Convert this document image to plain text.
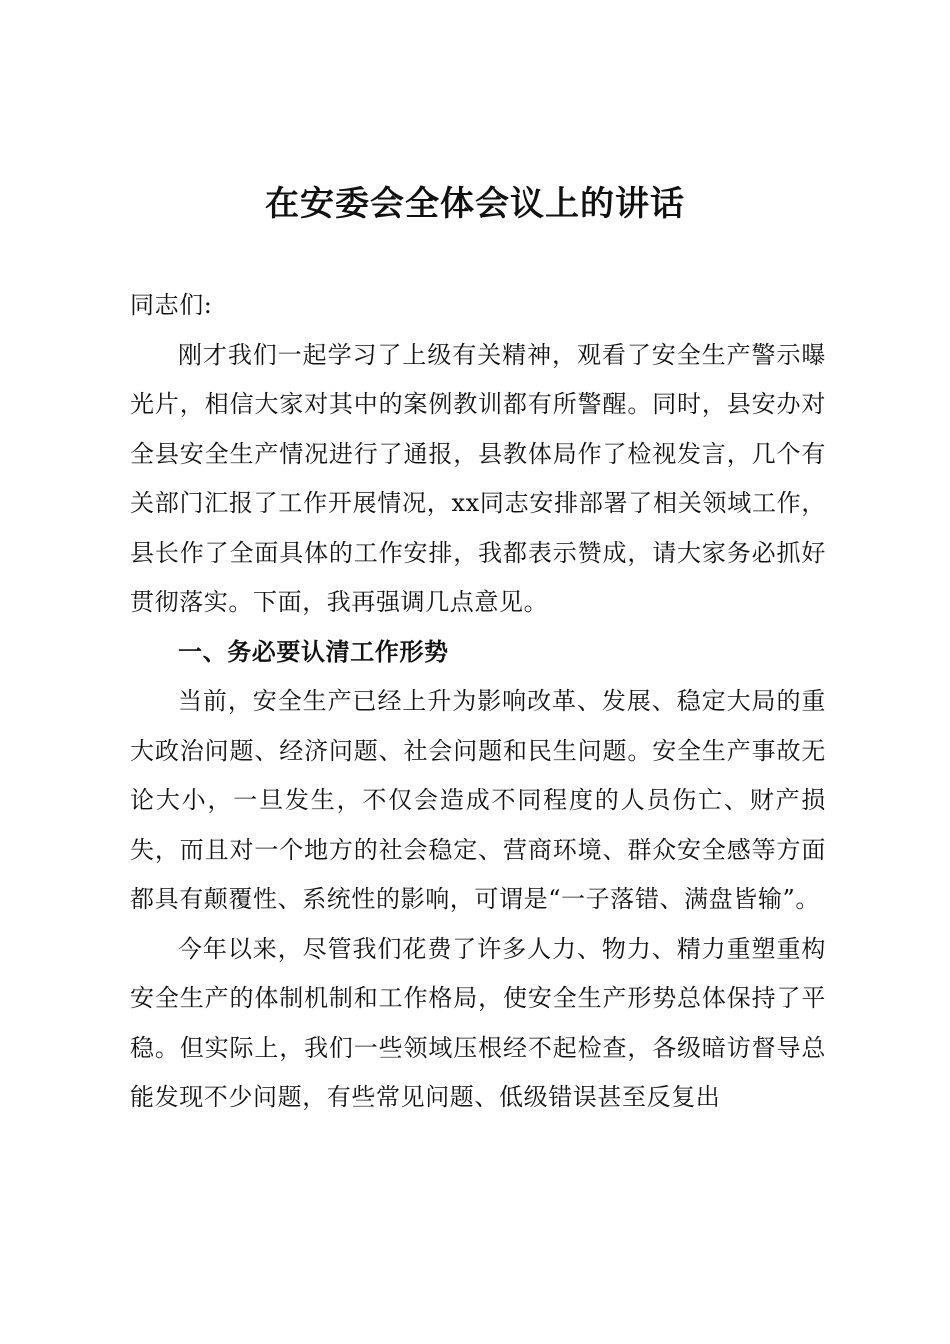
在安委会全体会议上的讲话

同志们:

刚才我们一起学习了上级有关精神，观看了安全生产警示曝光片，相信大家对其中的案例教训都有所警醒。同时，县安办对全县安全生产情况进行了通报，县教体局作了检视发言，几个有关部门汇报了工作开展情况，xx同志安排部署了相关领域工作，县长作了全面具体的工作安排，我都表示赞成，请大家务必抓好贯彻落实。下面，我再强调几点意见。

一、务必要认清工作形势

当前，安全生产已经上升为影响改革、发展、稳定大局的重大政治问题、经济问题、社会问题和民生问题。安全生产事故无论大小，一旦发生，不仅会造成不同程度的人员伤亡、财产损失，而且对一个地方的社会稳定、营商环境、群众安全感等方面都具有颠覆性、系统性的影响，可谓是“一子落错、满盘皆输”。

今年以来，尽管我们花费了许多人力、物力、精力重塑重构安全生产的体制机制和工作格局，使安全生产形势总体保持了平稳。但实际上，我们一些领域压根经不起检查，各级暗访督导总能发现不少问题，有些常见问题、低级错误甚至反复出
